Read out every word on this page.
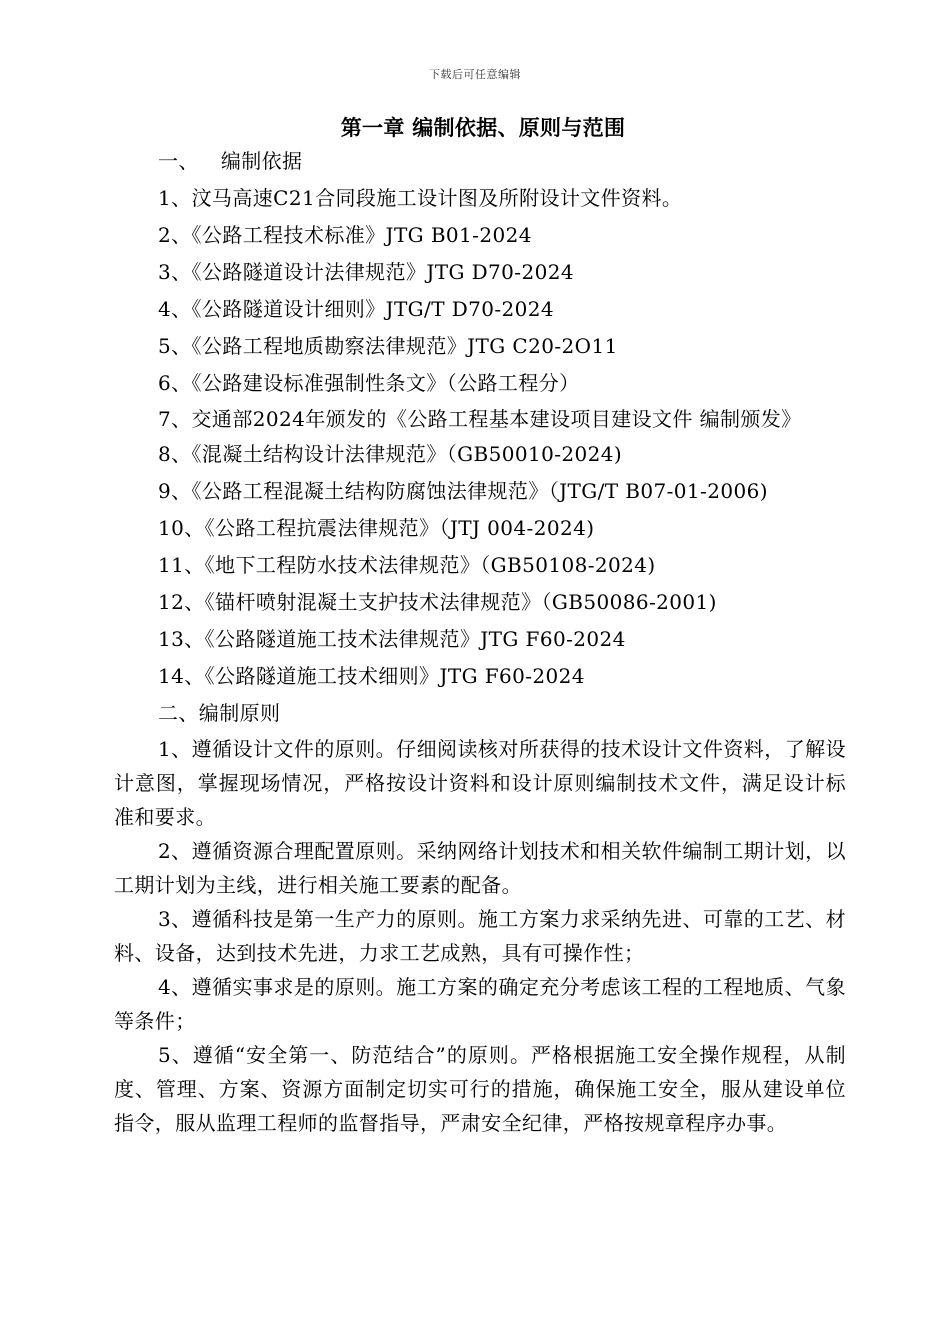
下载后可任意编辑
第一章 编制依据、原则与范围

一、 编制依据

1、汶马高速C21合同段施工设计图及所附设计文件资料。

2、《公路工程技术标准》JTG B01-2024

3、《公路隧道设计法律规范》JTG D70-2024

4、《公路隧道设计细则》JTG/T D70-2024

5、《公路工程地质勘察法律规范》JTG C20-2O11

6、《公路建设标准强制性条文》（公路工程分）

7、交通部2024年颁发的《公路工程基本建设项目建设文件 编制颁发》

8、《混凝土结构设计法律规范》（GB50010-2024)

9、《公路工程混凝土结构防腐蚀法律规范》（JTG/T B07-01-2006)

10、《公路工程抗震法律规范》（JTJ 004-2024)

11、《地下工程防水技术法律规范》（GB50108-2024)

12、《锚杆喷射混凝土支护技术法律规范》（GB50086-2001)

13、《公路隧道施工技术法律规范》JTG F60-2024

14、《公路隧道施工技术细则》JTG F60-2024

二、编制原则

1、遵循设计文件的原则。仔细阅读核对所获得的技术设计文件资料，了解设计意图，掌握现场情况，严格按设计资料和设计原则编制技术文件，满足设计标准和要求。

2、遵循资源合理配置原则。采纳网络计划技术和相关软件编制工期计划，以工期计划为主线，进行相关施工要素的配备。

3、遵循科技是第一生产力的原则。施工方案力求采纳先进、可靠的工艺、材料、设备，达到技术先进，力求工艺成熟，具有可操作性；

4、遵循实事求是的原则。施工方案的确定充分考虑该工程的工程地质、气象等条件；

5、遵循“安全第一、防范结合”的原则。严格根据施工安全操作规程，从制度、管理、方案、资源方面制定切实可行的措施，确保施工安全，服从建设单位指令，服从监理工程师的监督指导，严肃安全纪律，严格按规章程序办事。
